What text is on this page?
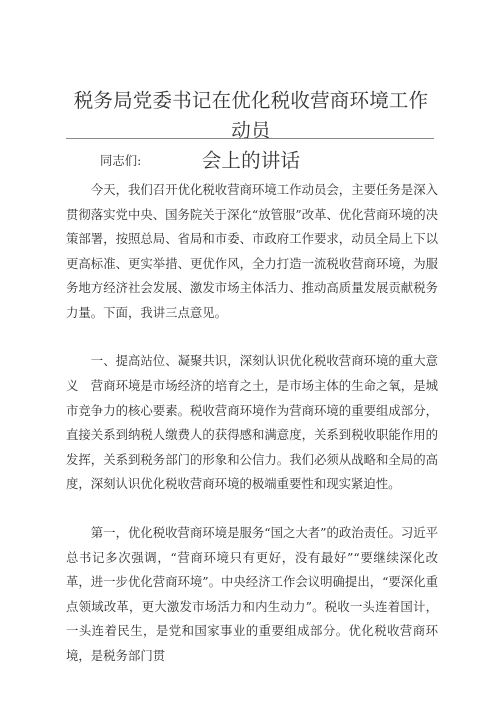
税务局党委书记在优化税收营商环境工作动员
会上的讲话

同志们:

今天，我们召开优化税收营商环境工作动员会，主要任务是深入贯彻落实党中央、国务院关于深化“放管服”改革、优化营商环境的决策部署，按照总局、省局和市委、市政府工作要求，动员全局上下以更高标准、更实举措、更优作风，全力打造一流税收营商环境，为服务地方经济社会发展、激发市场主体活力、推动高质量发展贡献税务力量。下面，我讲三点意见。

一、提高站位、凝聚共识，深刻认识优化税收营商环境的重大意义	营商环境是市场经济的培育之土，是市场主体的生命之氧，是城市竞争力的核心要素。税收营商环境作为营商环境的重要组成部分，直接关系到纳税人缴费人的获得感和满意度，关系到税收职能作用的发挥，关系到税务部门的形象和公信力。我们必须从战略和全局的高度，深刻认识优化税收营商环境的极端重要性和现实紧迫性。

第一，优化税收营商环境是服务“国之大者”的政治责任。习近平总书记多次强调，“营商环境只有更好，没有最好”“要继续深化改革，进一步优化营商环境”。中央经济工作会议明确提出，“要深化重点领域改革，更大激发市场活力和内生动力”。税收一头连着国计，一头连着民生，是党和国家事业的重要组成部分。优化税收营商环境，是税务部门贯
